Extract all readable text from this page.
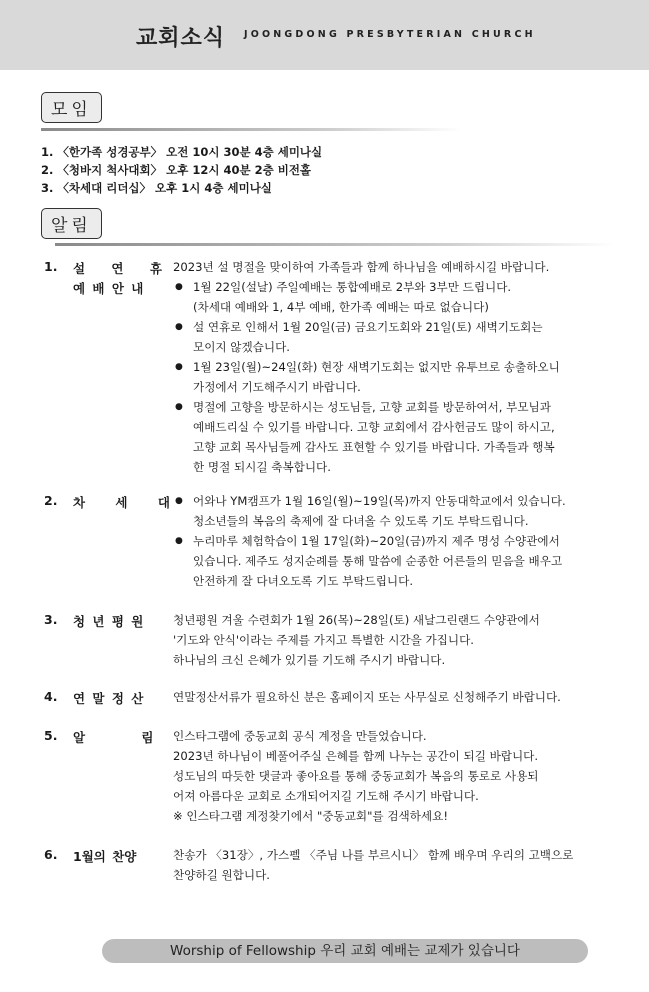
교회소식 JOONGDONG PRESBYTERIAN CHURCH
모임
1. 〈한가족 성경공부〉 오전 10시 30분 4층 세미나실
2. 〈청바지 척사대회〉 오후 12시 40분 2층 비전홀
3. 〈차세대 리더십〉 오후 1시 4층 세미나실
알림
1. 설 연 휴
예 배 안 내

2023년 설 명절을 맞이하여 가족들과 함께 하나님을 예배하시길 바랍니다.

● 1월 22일(설날) 주일예배는 통합예배로 2부와 3부만 드립니다.

(차세대 예배와 1, 4부 예배, 한가족 예배는 따로 없습니다)

● 설 연휴로 인해서 1월 20일(금) 금요기도회와 21일(토) 새벽기도회는

모이지 않겠습니다.

● 1월 23일(월)~24일(화) 현장 새벽기도회는 없지만 유투브로 송출하오니

가정에서 기도해주시기 바랍니다.

● 명절에 고향을 방문하시는 성도님들, 고향 교회를 방문하여서, 부모님과

예배드리실 수 있기를 바랍니다. 고향 교회에서 감사헌금도 많이 하시고,

고향 교회 목사님들께 감사도 표현할 수 있기를 바랍니다. 가족들과 행복

한 명절 되시길 축복합니다.

2. 차 세 대

● 어와나 YM캠프가 1월 16일(월)~19일(목)까지 안동대학교에서 있습니다.

청소년들의 복음의 축제에 잘 다녀올 수 있도록 기도 부탁드립니다.

● 누리마루 체험학습이 1월 17일(화)~20일(금)까지 제주 명성 수양관에서

있습니다. 제주도 성지순례를 통해 말씀에 순종한 어른들의 믿음을 배우고

안전하게 잘 다녀오도록 기도 부탁드립니다.

3. 청 년 평 원	청년평원 겨울 수련회가 1월 26(목)~28일(토) 새날그린랜드 수양관에서

'기도와 안식'이라는 주제를 가지고 특별한 시간을 가집니다.

하나님의 크신 은혜가 있기를 기도해 주시기 바랍니다.

4. 연 말 정 산	연말정산서류가 필요하신 분은 홈페이지 또는 사무실로 신청해주기 바랍니다.

5. 알 림 인스타그램에 중동교회 공식 계정을 만들었습니다.

2023년 하나님이 베풀어주실 은혜를 함께 나누는 공간이 되길 바랍니다.

성도님의 따듯한 댓글과 좋아요를 통해 중동교회가 복음의 통로로 사용되

어져 아름다운 교회로 소개되어지길 기도해 주시기 바랍니다.

※ 인스타그램 계정찾기에서 "중동교회"를 검색하세요!

6. 1월의 찬양	찬송가 〈31장〉, 가스펠 〈주님 나를 부르시니〉 함께 배우며 우리의 고백으로

찬양하길 원합니다.

Worship of Fellowship 우리 교회 예배는 교제가 있습니다
